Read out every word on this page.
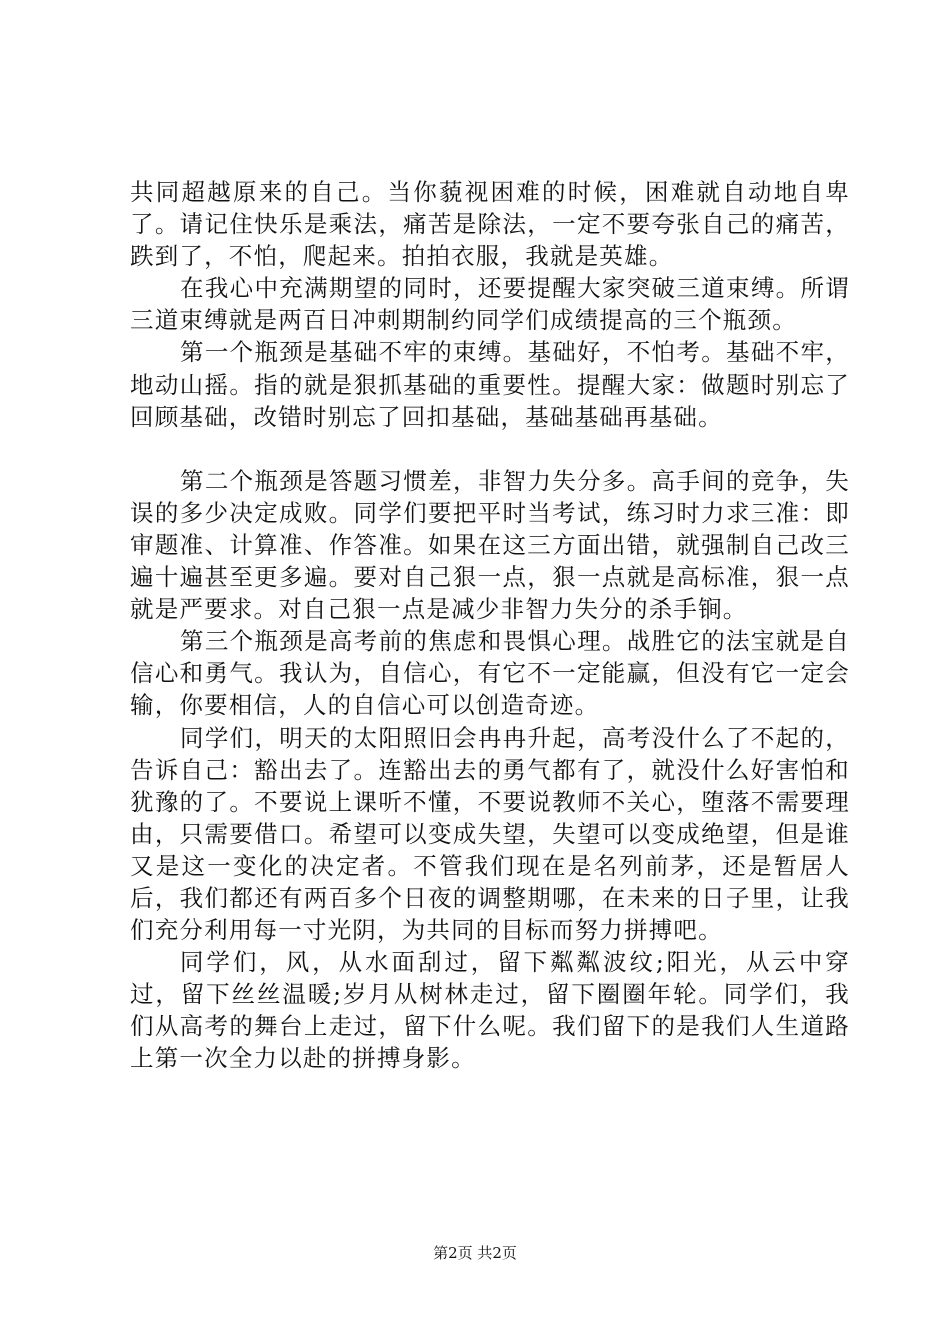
共同超越原来的自己。当你藐视困难的时候，困难就自动地自卑了。请记住快乐是乘法，痛苦是除法，一定不要夸张自己的痛苦，跌到了，不怕，爬起来。拍拍衣服，我就是英雄。

在我心中充满期望的同时，还要提醒大家突破三道束缚。所谓三道束缚就是两百日冲刺期制约同学们成绩提高的三个瓶颈。

第一个瓶颈是基础不牢的束缚。基础好，不怕考。基础不牢，地动山摇。指的就是狠抓基础的重要性。提醒大家：做题时别忘了回顾基础，改错时别忘了回扣基础，基础基础再基础。

第二个瓶颈是答题习惯差，非智力失分多。高手间的竞争，失误的多少决定成败。同学们要把平时当考试，练习时力求三准：即审题准、计算准、作答准。如果在这三方面出错，就强制自己改三遍十遍甚至更多遍。要对自己狠一点，狠一点就是高标准，狠一点就是严要求。对自己狠一点是减少非智力失分的杀手锏。

第三个瓶颈是高考前的焦虑和畏惧心理。战胜它的法宝就是自信心和勇气。我认为，自信心，有它不一定能赢，但没有它一定会输，你要相信，人的自信心可以创造奇迹。

同学们，明天的太阳照旧会冉冉升起，高考没什么了不起的，告诉自己：豁出去了。连豁出去的勇气都有了，就没什么好害怕和犹豫的了。不要说上课听不懂，不要说教师不关心，堕落不需要理由，只需要借口。希望可以变成失望，失望可以变成绝望，但是谁又是这一变化的决定者。不管我们现在是名列前茅，还是暂居人后，我们都还有两百多个日夜的调整期哪，在未来的日子里，让我们充分利用每一寸光阴，为共同的目标而努力拼搏吧。

同学们，风，从水面刮过，留下粼粼波纹;阳光，从云中穿过，留下丝丝温暖;岁月从树林走过，留下圈圈年轮。同学们，我们从高考的舞台上走过，留下什么呢。我们留下的是我们人生道路上第一次全力以赴的拼搏身影。

第2页 共2页
